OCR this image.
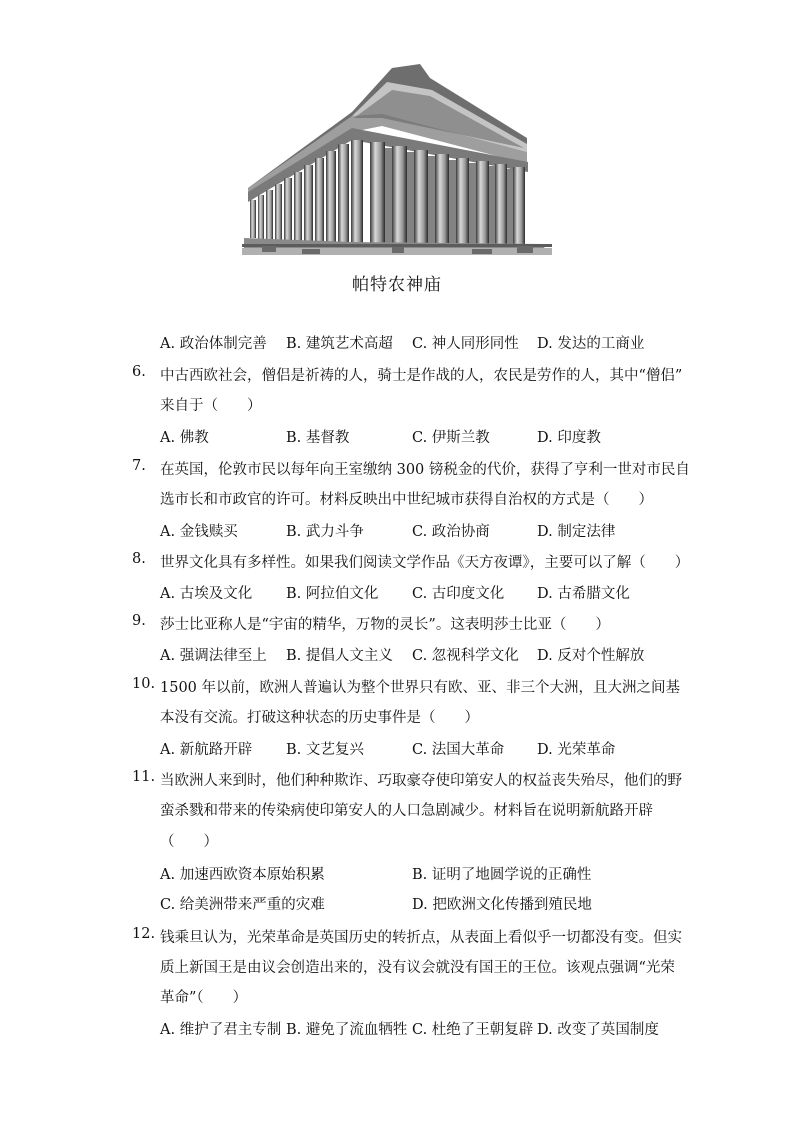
帕特农神庙
A. 政治体制完善 B. 建筑艺术高超 C. 神人同形同性 D. 发达的工商业
6. 中古西欧社会，僧侣是祈祷的人，骑士是作战的人，农民是劳作的人，其中“僧侣”
来自于（　　）
A. 佛教	B. 基督教	C. 伊斯兰教	D. 印度教
7. 在英国，伦敦市民以每年向王室缴纳 300 镑税金的代价，获得了亨利一世对市民自
选市长和市政官的许可。材料反映出中世纪城市获得自治权的方式是（　　）
A. 金钱赎买	B. 武力斗争	C. 政治协商	D. 制定法律
8. 世界文化具有多样性。如果我们阅读文学作品《天方夜谭》，主要可以了解（　　）
A. 古埃及文化 B. 阿拉伯文化 C. 古印度文化 D. 古希腊文化
9. 莎士比亚称人是“宇宙的精华，万物的灵长”。这表明莎士比亚（　　）
A. 强调法律至上 B. 提倡人文主义 C. 忽视科学文化 D. 反对个性解放
10. 1500 年以前，欧洲人普遍认为整个世界只有欧、亚、非三个大洲，且大洲之间基
本没有交流。打破这种状态的历史事件是（　　）
A. 新航路开辟 B. 文艺复兴	C. 法国大革命 D. 光荣革命
11. 当欧洲人来到时，他们种种欺诈、巧取豪夺使印第安人的权益丧失殆尽，他们的野
蛮杀戮和带来的传染病使印第安人的人口急剧减少。材料旨在说明新航路开辟
（　　）
A. 加速西欧资本原始积累	B. 证明了地圆学说的正确性
C. 给美洲带来严重的灾难	D. 把欧洲文化传播到殖民地
12. 钱乘旦认为，光荣革命是英国历史的转折点，从表面上看似乎一切都没有变。但实
质上新国王是由议会创造出来的，没有议会就没有国王的王位。该观点强调“光荣
革命”（　　）
A. 维护了君主专制 B. 避免了流血牺牲 C. 杜绝了王朝复辟 D. 改变了英国制度
